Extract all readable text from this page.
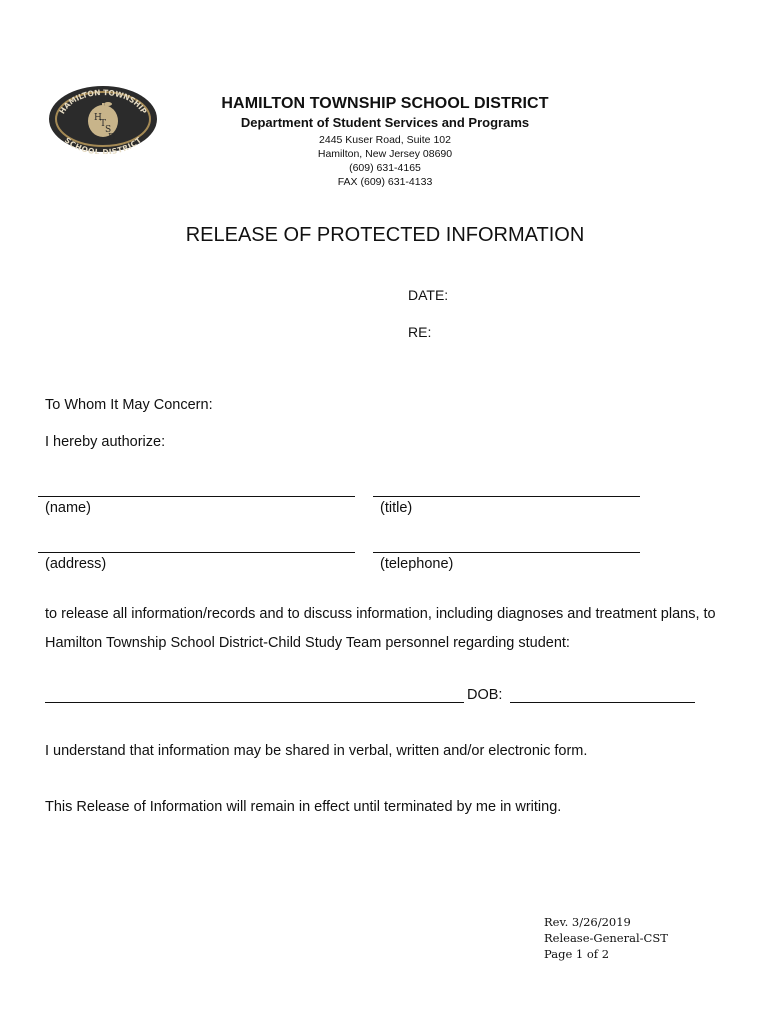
HAMILTON TOWNSHIP
SCHOOL DISTRICT
H
T
S
D
HAMILTON TOWNSHIP SCHOOL DISTRICT
Department of Student Services and Programs
2445 Kuser Road, Suite 102
Hamilton, New Jersey 08690
(609) 631-4165
FAX (609) 631-4133
RELEASE OF PROTECTED INFORMATION
DATE:
RE:
To Whom It May Concern:
I hereby authorize:
(name)	(title)
(address)	(telephone)
to release all information/records and to discuss information, including diagnoses and treatment plans, to Hamilton Township School District-Child Study Team personnel regarding student:
DOB:
I understand that information may be shared in verbal, written and/or electronic form.
This Release of Information will remain in effect until terminated by me in writing.
Rev. 3/26/2019
Release-General-CST
Page 1 of 2
